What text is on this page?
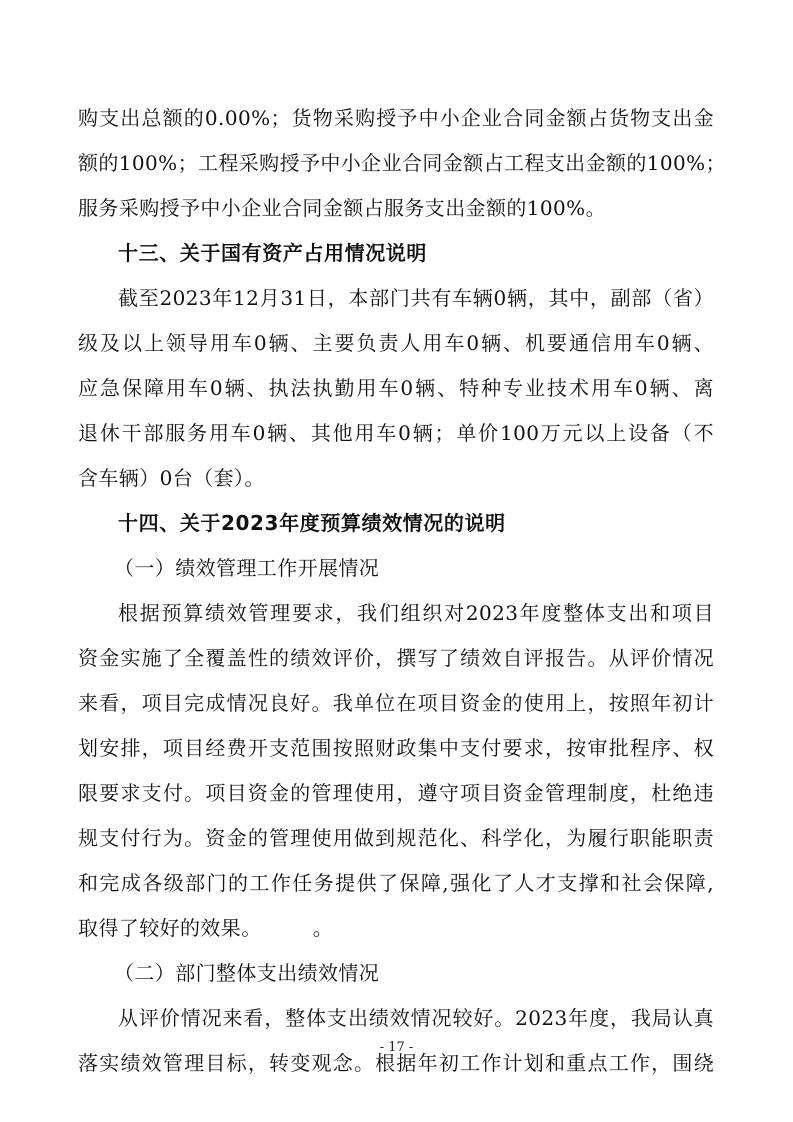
购支出总额的0.00%；货物采购授予中小企业合同金额占货物支出金
额的100%；工程采购授予中小企业合同金额占工程支出金额的100%；
服务采购授予中小企业合同金额占服务支出金额的100%。
十三、关于国有资产占用情况说明
截至2023年12月31日，本部门共有车辆0辆，其中，副部（省）
级及以上领导用车0辆、主要负责人用车0辆、机要通信用车0辆、
应急保障用车0辆、执法执勤用车0辆、特种专业技术用车0辆、离
退休干部服务用车0辆、其他用车0辆；单价100万元以上设备（不
含车辆）0台（套）。
十四、关于2023年度预算绩效情况的说明
（一）绩效管理工作开展情况
根据预算绩效管理要求，我们组织对2023年度整体支出和项目
资金实施了全覆盖性的绩效评价，撰写了绩效自评报告。从评价情况
来看，项目完成情况良好。我单位在项目资金的使用上，按照年初计
划安排，项目经费开支范围按照财政集中支付要求，按审批程序、权
限要求支付。项目资金的管理使用，遵守项目资金管理制度，杜绝违
规支付行为。资金的管理使用做到规范化、科学化，为履行职能职责
和完成各级部门的工作任务提供了保障,强化了人才支撑和社会保障,
取得了较好的效果。　　　。
（二）部门整体支出绩效情况
从评价情况来看，整体支出绩效情况较好。2023年度，我局认真
落实绩效管理目标，转变观念。根据年初工作计划和重点工作，围绕
- 17 -
